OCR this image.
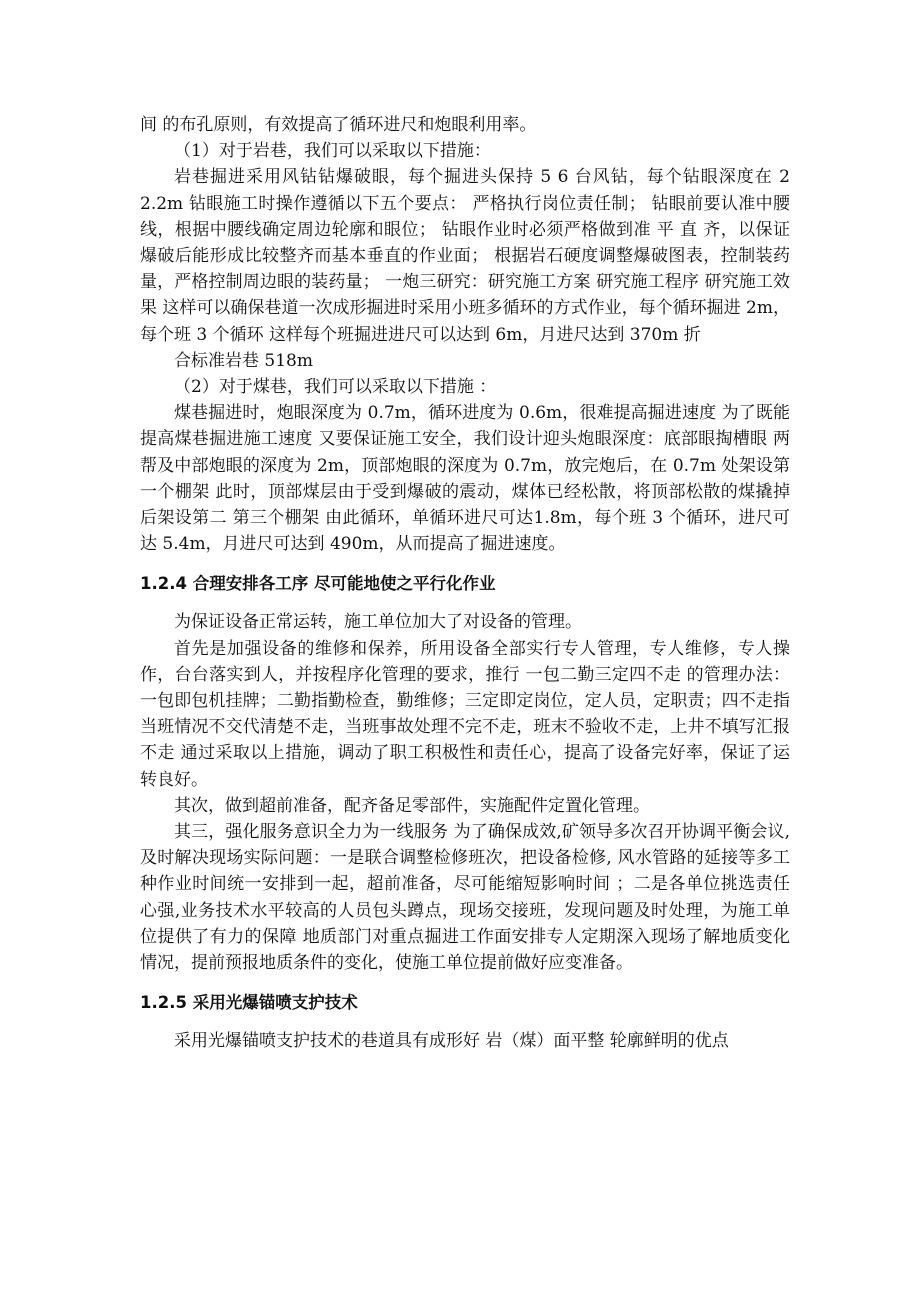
间 的布孔原则，有效提高了循环进尺和炮眼利用率。

（1）对于岩巷，我们可以采取以下措施：

岩巷掘进采用风钻钻爆破眼，每个掘进头保持 5 6 台风钻，每个钻眼深度在 2 2.2m 钻眼施工时操作遵循以下五个要点： 严格执行岗位责任制； 钻眼前要认准中腰线，根据中腰线确定周边轮廓和眼位； 钻眼作业时必须严格做到准 平 直 齐，以保证爆破后能形成比较整齐而基本垂直的作业面； 根据岩石硬度调整爆破图表，控制装药量，严格控制周边眼的装药量； 一炮三研究：研究施工方案 研究施工程序 研究施工效果 这样可以确保巷道一次成形掘进时采用小班多循环的方式作业，每个循环掘进 2m，每个班 3 个循环 这样每个班掘进进尺可以达到 6m，月进尺达到 370m 折

合标准岩巷 518m

（2）对于煤巷，我们可以采取以下措施 ：

煤巷掘进时，炮眼深度为 0.7m，循环进度为 0.6m，很难提高掘进速度 为了既能提高煤巷掘进施工速度 又要保证施工安全，我们设计迎头炮眼深度：底部眼掏槽眼 两帮及中部炮眼的深度为 2m，顶部炮眼的深度为 0.7m，放完炮后，在 0.7m 处架设第一个棚架 此时，顶部煤层由于受到爆破的震动，煤体已经松散，将顶部松散的煤撬掉后架设第二 第三个棚架 由此循环，单循环进尺可达1.8m，每个班 3 个循环，进尺可达 5.4m，月进尺可达到 490m，从而提高了掘进速度。

1.2.4 合理安排各工序 尽可能地使之平行化作业

为保证设备正常运转，施工单位加大了对设备的管理。

首先是加强设备的维修和保养，所用设备全部实行专人管理，专人维修，专人操作，台台落实到人，并按程序化管理的要求，推行 一包二勤三定四不走 的管理办法：一包即包机挂牌；二勤指勤检查，勤维修；三定即定岗位，定人员，定职责；四不走指当班情况不交代清楚不走，当班事故处理不完不走，班末不验收不走，上井不填写汇报不走 通过采取以上措施，调动了职工积极性和责任心，提高了设备完好率，保证了运转良好。

其次，做到超前准备，配齐备足零部件，实施配件定置化管理。

其三，强化服务意识全力为一线服务 为了确保成效,矿领导多次召开协调平衡会议,及时解决现场实际问题：一是联合调整检修班次，把设备检修, 风水管路的延接等多工种作业时间统一安排到一起，超前准备，尽可能缩短影响时间 ；二是各单位挑选责任心强,业务技术水平较高的人员包头蹲点，现场交接班，发现问题及时处理，为施工单位提供了有力的保障 地质部门对重点掘进工作面安排专人定期深入现场了解地质变化情况，提前预报地质条件的变化，使施工单位提前做好应变准备。

1.2.5 采用光爆锚喷支护技术

采用光爆锚喷支护技术的巷道具有成形好 岩（煤）面平整 轮廓鲜明的优点
